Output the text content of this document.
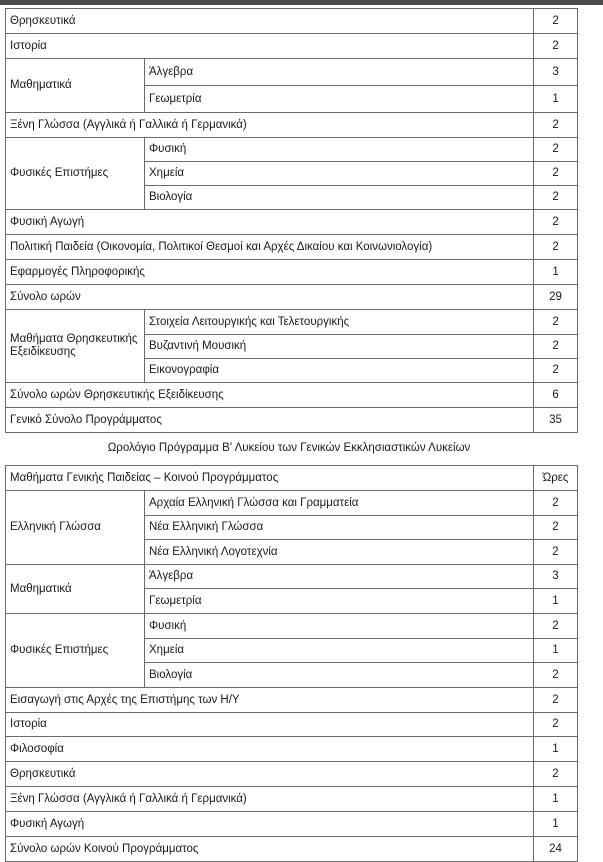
Θρησκευτικά		2
Ιστορία		2
Μαθηματικά	Άλγεβρα	3
	Γεωμετρία	1
Ξένη Γλώσσα (Αγγλικά ή Γαλλικά ή Γερμανικά)		2
Φυσικές Επιστήμες	Φυσική	2
	Χημεία	2
	Βιολογία	2
Φυσική Αγωγή		2
Πολιτική Παιδεία (Οικονομία, Πολιτικοί Θεσμοί και Αρχές Δικαίου και Κοινωνιολογία)		2
Εφαρμογές Πληροφορικής		1
Σύνολο ωρών		29
Μαθήματα Θρησκευτικής Εξειδίκευσης	Στοιχεία Λειτουργικής και Τελετουργικής	2
	Βυζαντινή Μουσική	2
	Εικονογραφία	2
Σύνολο ωρών Θρησκευτικής Εξειδίκευσης		6
Γενικό Σύνολο Προγράμματος		35
Ωρολόγιο Πρόγραμμα Β' Λυκείου των Γενικών Εκκλησιαστικών Λυκείων
Μαθήματα Γενικής Παιδείας – Κοινού Προγράμματος		Ώρες
Ελληνική Γλώσσα	Αρχαία Ελληνική Γλώσσα και Γραμματεία	2
	Νέα Ελληνική Γλώσσα	2
	Νέα Ελληνική Λογοτεχνία	2
Μαθηματικά	Άλγεβρα	3
	Γεωμετρία	1
Φυσικές Επιστήμες	Φυσική	2
	Χημεία	1
	Βιολογία	2
Εισαγωγή στις Αρχές της Επιστήμης των Η/Υ		2
Ιστορία		2
Φιλοσοφία		1
Θρησκευτικά		2
Ξένη Γλώσσα (Αγγλικά ή Γαλλικά ή Γερμανικά)		1
Φυσική Αγωγή		1
Σύνολο ωρών Κοινού Προγράμματος		24
